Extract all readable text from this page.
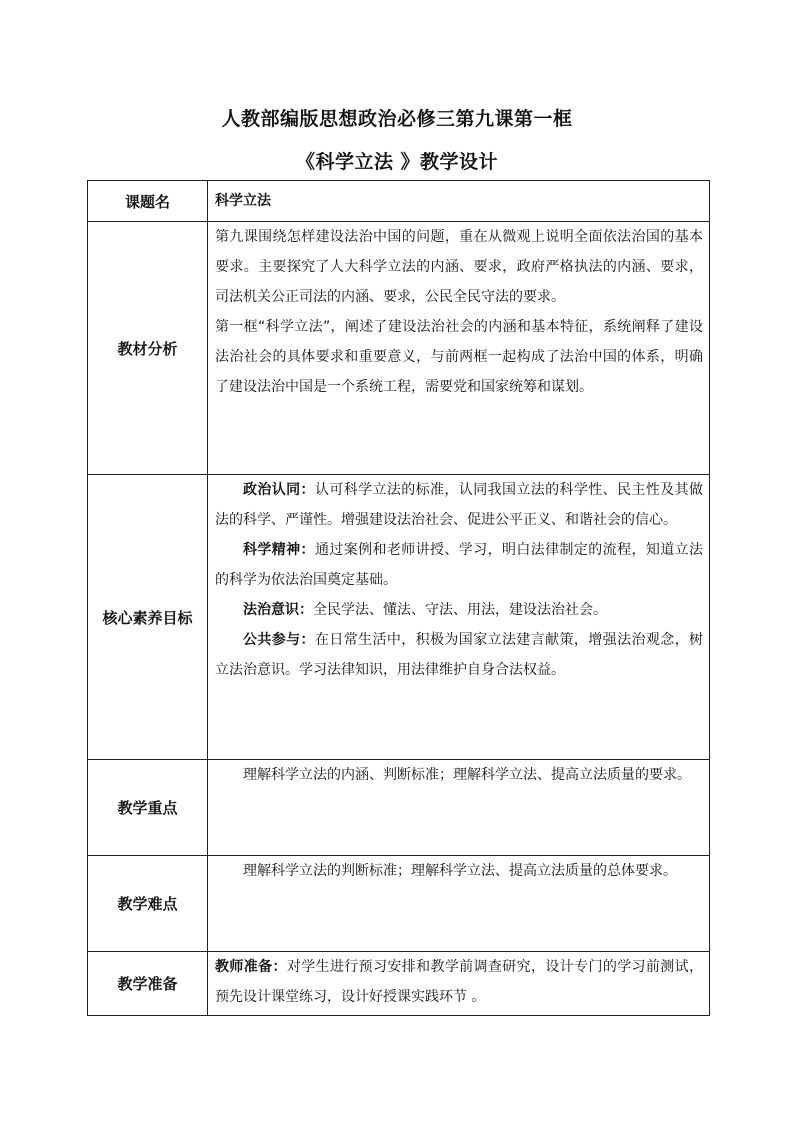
人教部编版思想政治必修三第九课第一框
《科学立法 》教学设计
课题名	科学立法
教材分析	第九课围绕怎样建设法治中国的问题，重在从微观上说明全面依法治国的基本要求。主要探究了人大科学立法的内涵、要求，政府严格执法的内涵、要求，司法机关公正司法的内涵、要求，公民全民守法的要求。

第一框“科学立法”，阐述了建设法治社会的内涵和基本特征，系统阐释了建设法治社会的具体要求和重要意义，与前两框一起构成了法治中国的体系，明确了建设法治中国是一个系统工程，需要党和国家统筹和谋划。

核心素养目标	政治认同：认可科学立法的标准，认同我国立法的科学性、民主性及其做法的科学、严谨性。增强建设法治社会、促进公平正义、和谐社会的信心。

科学精神：通过案例和老师讲授、学习，明白法律制定的流程，知道立法的科学为依法治国奠定基础。

法治意识：全民学法、懂法、守法、用法，建设法治社会。

公共参与：在日常生活中，积极为国家立法建言献策，增强法治观念，树立法治意识。学习法律知识，用法律维护自身合法权益。

教学重点	理解科学立法的内涵、判断标准；理解科学立法、提高立法质量的要求。

教学难点	理解科学立法的判断标准；理解科学立法、提高立法质量的总体要求。

教学准备	教师准备：对学生进行预习安排和教学前调查研究，设计专门的学习前测试， 预先设计课堂练习，设计好授课实践环节 。
